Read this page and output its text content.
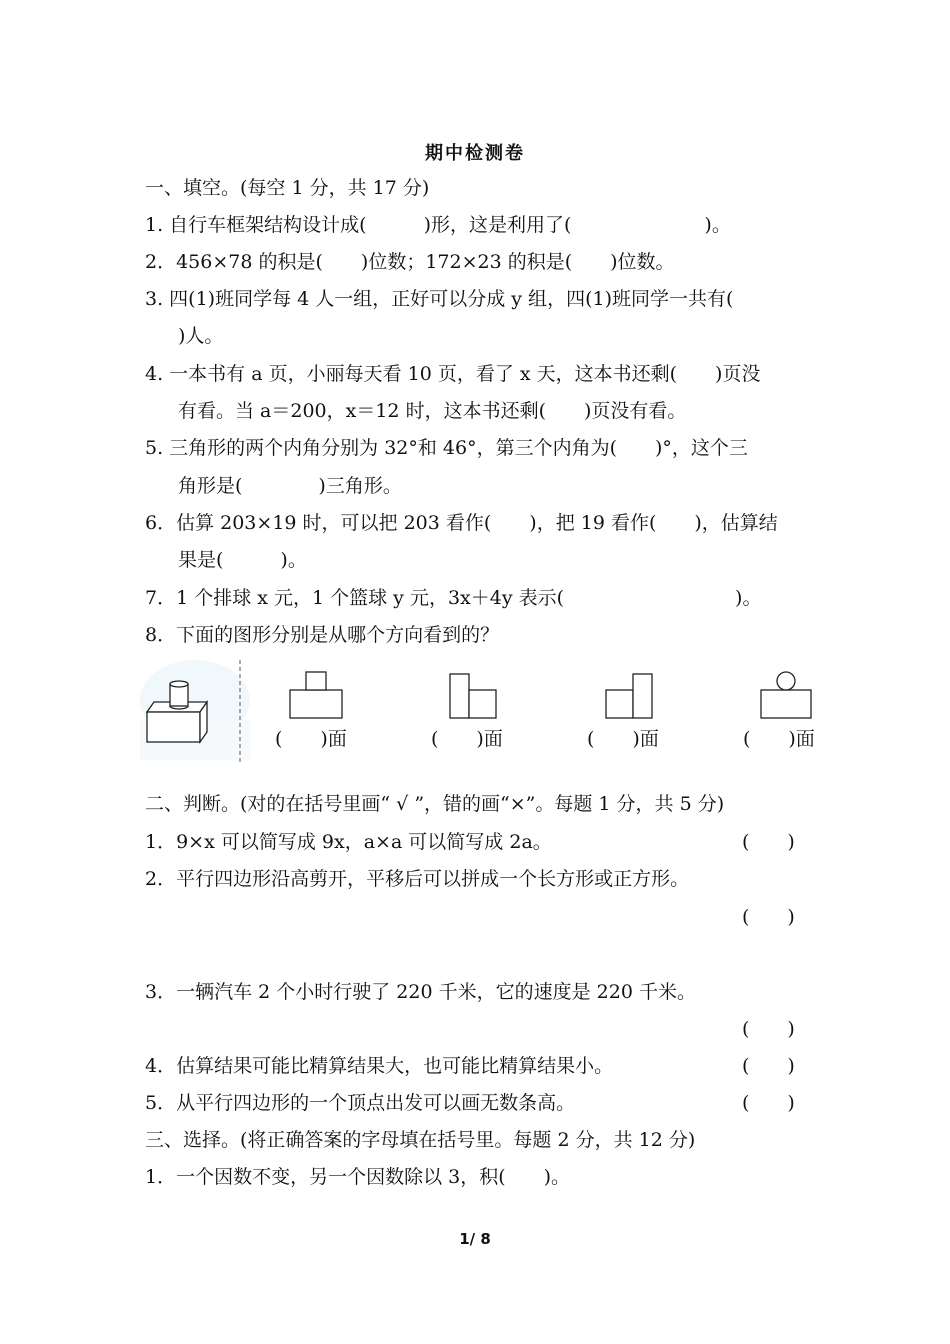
期中检测卷
一、填空。(每空 1 分，共 17 分)
1. 自行车框架结构设计成(　　　)形，这是利用了(　　　　　　　)。
2．456×78 的积是(　　)位数；172×23 的积是(　　)位数。
3. 四(1)班同学每 4 人一组，正好可以分成 y 组，四(1)班同学一共有(
)人。
4. 一本书有 a 页，小丽每天看 10 页，看了 x 天，这本书还剩(　　)页没
有看。当 a＝200，x＝12 时，这本书还剩(　　)页没有看。
5. 三角形的两个内角分别为 32°和 46°，第三个内角为(　　)°，这个三
角形是(　　　　)三角形。
6．估算 203×19 时，可以把 203 看作(　　)，把 19 看作(　　)，估算结
果是(　　　)。
7．1 个排球 x 元，1 个篮球 y 元，3x＋4y 表示(　　　　　　　　　)。
8．下面的图形分别是从哪个方向看到的？
(　　)面	(　　)面	(　　)面	(　　)面
二、判断。(对的在括号里画“ √ ”，错的画“×”。每题 1 分，共 5 分)
1．9×x 可以简写成 9x，a×a 可以简写成 2a。	(　　)
2．平行四边形沿高剪开，平移后可以拼成一个长方形或正方形。
(　　)
3．一辆汽车 2 个小时行驶了 220 千米，它的速度是 220 千米。
(　　)
4．估算结果可能比精算结果大，也可能比精算结果小。	(　　)
5．从平行四边形的一个顶点出发可以画无数条高。	(　　)
三、选择。(将正确答案的字母填在括号里。每题 2 分，共 12 分)
1．一个因数不变，另一个因数除以 3，积(　　)。
1/ 8
